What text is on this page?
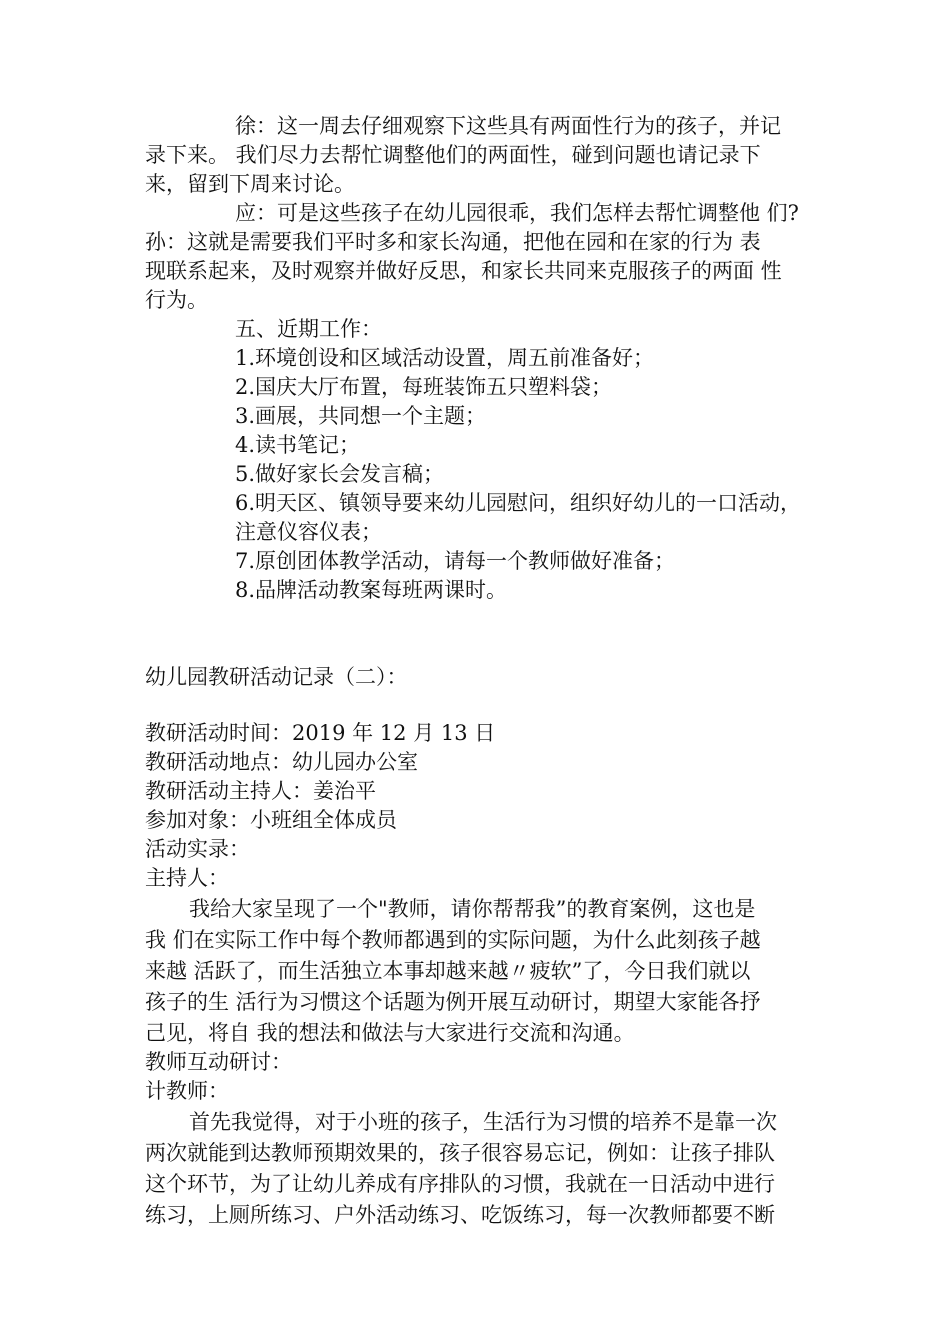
徐：这一周去仔细观察下这些具有两面性行为的孩子，并记
录下来。 我们尽力去帮忙调整他们的两面性，碰到问题也请记录下
来，留到下周来讨论。
应：可是这些孩子在幼儿园很乖，我们怎样去帮忙调整他 们?
孙：这就是需要我们平时多和家长沟通，把他在园和在家的行为 表
现联系起来，及时观察并做好反思，和家长共同来克服孩子的两面 性
行为。
五、近期工作：
1.环境创设和区域活动设置，周五前准备好；
2.国庆大厅布置，每班装饰五只塑料袋；
3.画展，共同想一个主题；
4.读书笔记；
5.做好家长会发言稿；
6.明天区、镇领导要来幼儿园慰问，组织好幼儿的一口活动，
注意仪容仪表；
7.原创团体教学活动，请每一个教师做好准备；
8.品牌活动教案每班两课时。
幼儿园教研活动记录（二）：
教研活动时间：2019 年 12 月 13 日
教研活动地点：幼儿园办公室
教研活动主持人：姜治平
参加对象：小班组全体成员
活动实录：
主持人：
我给大家呈现了一个"教师，请你帮帮我”的教育案例，这也是
我 们在实际工作中每个教师都遇到的实际问题，为什么此刻孩子越
来越 活跃了，而生活独立本事却越来越〃疲软”了，今日我们就以
孩子的生 活行为习惯这个话题为例开展互动研讨，期望大家能各抒
己见，将自 我的想法和做法与大家进行交流和沟通。
教师互动研讨：
计教师：
首先我觉得，对于小班的孩子，生活行为习惯的培养不是靠一次
两次就能到达教师预期效果的，孩子很容易忘记，例如：让孩子排队
这个环节，为了让幼儿养成有序排队的习惯，我就在一日活动中进行
练习，上厕所练习、户外活动练习、吃饭练习，每一次教师都要不断
